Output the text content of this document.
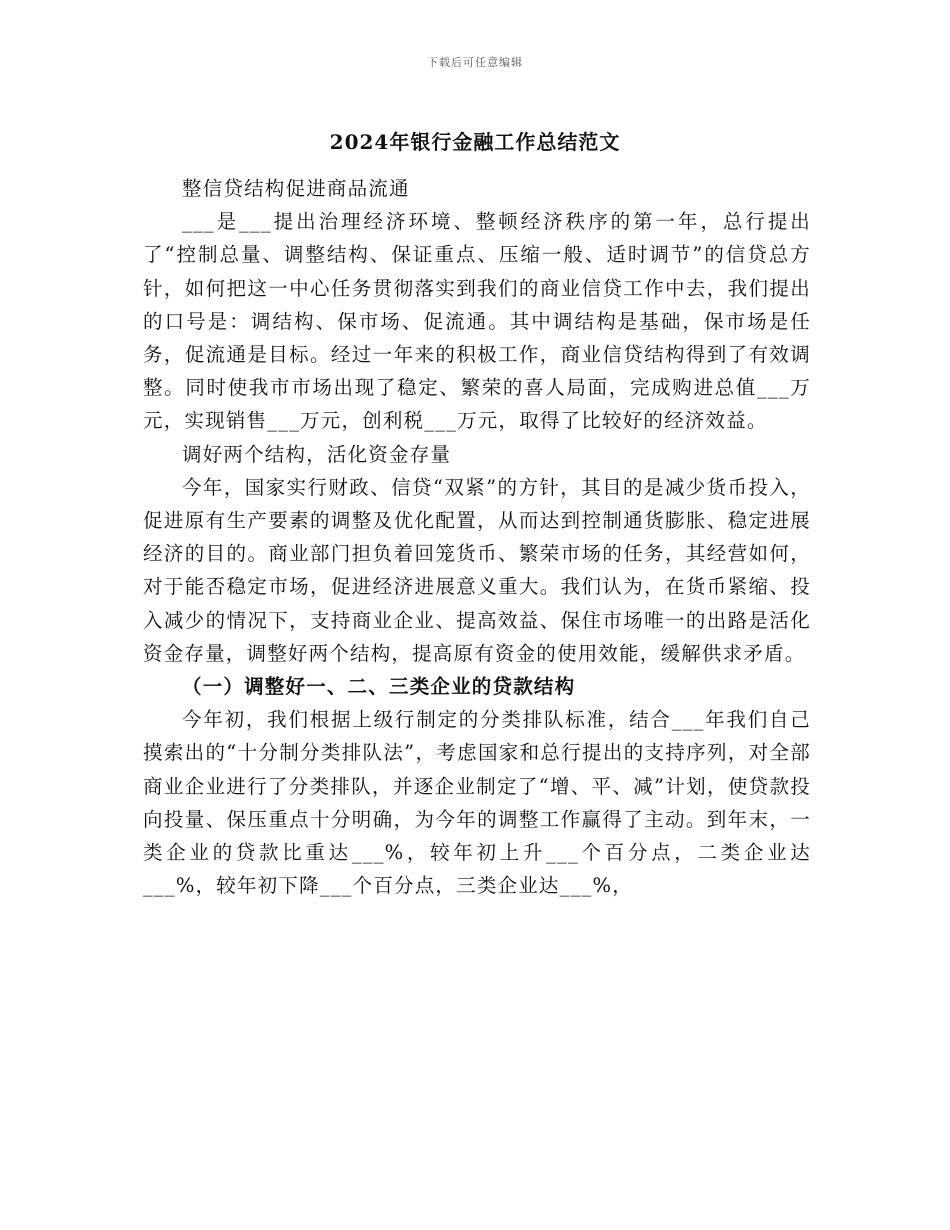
下载后可任意编辑
2024年银行金融工作总结范文

整信贷结构促进商品流通

___是___提出治理经济环境、整顿经济秩序的第一年，总行提出了“控制总量、调整结构、保证重点、压缩一般、适时调节”的信贷总方针，如何把这一中心任务贯彻落实到我们的商业信贷工作中去，我们提出的口号是：调结构、保市场、促流通。其中调结构是基础，保市场是任务，促流通是目标。经过一年来的积极工作，商业信贷结构得到了有效调整。同时使我市市场出现了稳定、繁荣的喜人局面，完成购进总值___万元，实现销售___万元，创利税___万元，取得了比较好的经济效益。

调好两个结构，活化资金存量

今年，国家实行财政、信贷“双紧”的方针，其目的是减少货币投入，促进原有生产要素的调整及优化配置，从而达到控制通货膨胀、稳定进展经济的目的。商业部门担负着回笼货币、繁荣市场的任务，其经营如何，对于能否稳定市场，促进经济进展意义重大。我们认为，在货币紧缩、投入减少的情况下，支持商业企业、提高效益、保住市场唯一的出路是活化资金存量，调整好两个结构，提高原有资金的使用效能，缓解供求矛盾。

（一）调整好一、二、三类企业的贷款结构

今年初，我们根据上级行制定的分类排队标准，结合___年我们自己摸索出的“十分制分类排队法”，考虑国家和总行提出的支持序列，对全部商业企业进行了分类排队，并逐企业制定了“增、平、减”计划，使贷款投向投量、保压重点十分明确，为今年的调整工作赢得了主动。到年末，一类企业的贷款比重达___%，较年初上升___个百分点，二类企业达___%，较年初下降___个百分点，三类企业达___%，
